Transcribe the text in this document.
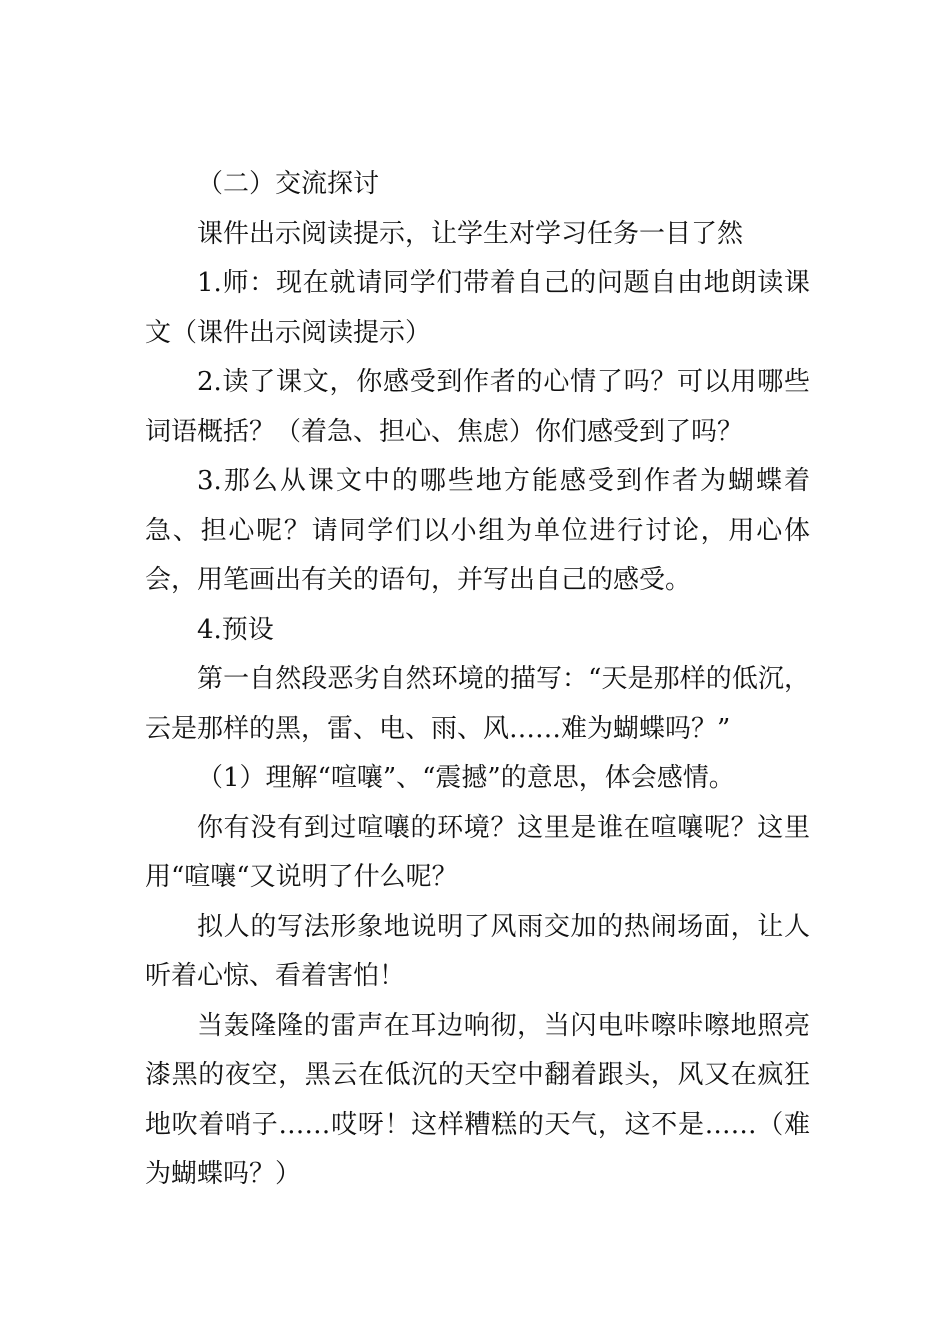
（二）交流探讨

课件出示阅读提示，让学生对学习任务一目了然

1.师：现在就请同学们带着自己的问题自由地朗读课文（课件出示阅读提示）

2.读了课文，你感受到作者的心情了吗？可以用哪些词语概括？（着急、担心、焦虑）你们感受到了吗？

3.那么从课文中的哪些地方能感受到作者为蝴蝶着急、担心呢？请同学们以小组为单位进行讨论，用心体会，用笔画出有关的语句，并写出自己的感受。

4.预设

第一自然段恶劣自然环境的描写：“天是那样的低沉，云是那样的黑，雷、电、雨、风……难为蝴蝶吗？”

（1）理解“喧嚷”、“震撼”的意思，体会感情。

你有没有到过喧嚷的环境？这里是谁在喧嚷呢？这里用“喧嚷“又说明了什么呢？

拟人的写法形象地说明了风雨交加的热闹场面，让人听着心惊、看着害怕！

当轰隆隆的雷声在耳边响彻，当闪电咔嚓咔嚓地照亮漆黑的夜空，黑云在低沉的天空中翻着跟头，风又在疯狂地吹着哨子……哎呀！这样糟糕的天气，这不是……（难为蝴蝶吗？）
